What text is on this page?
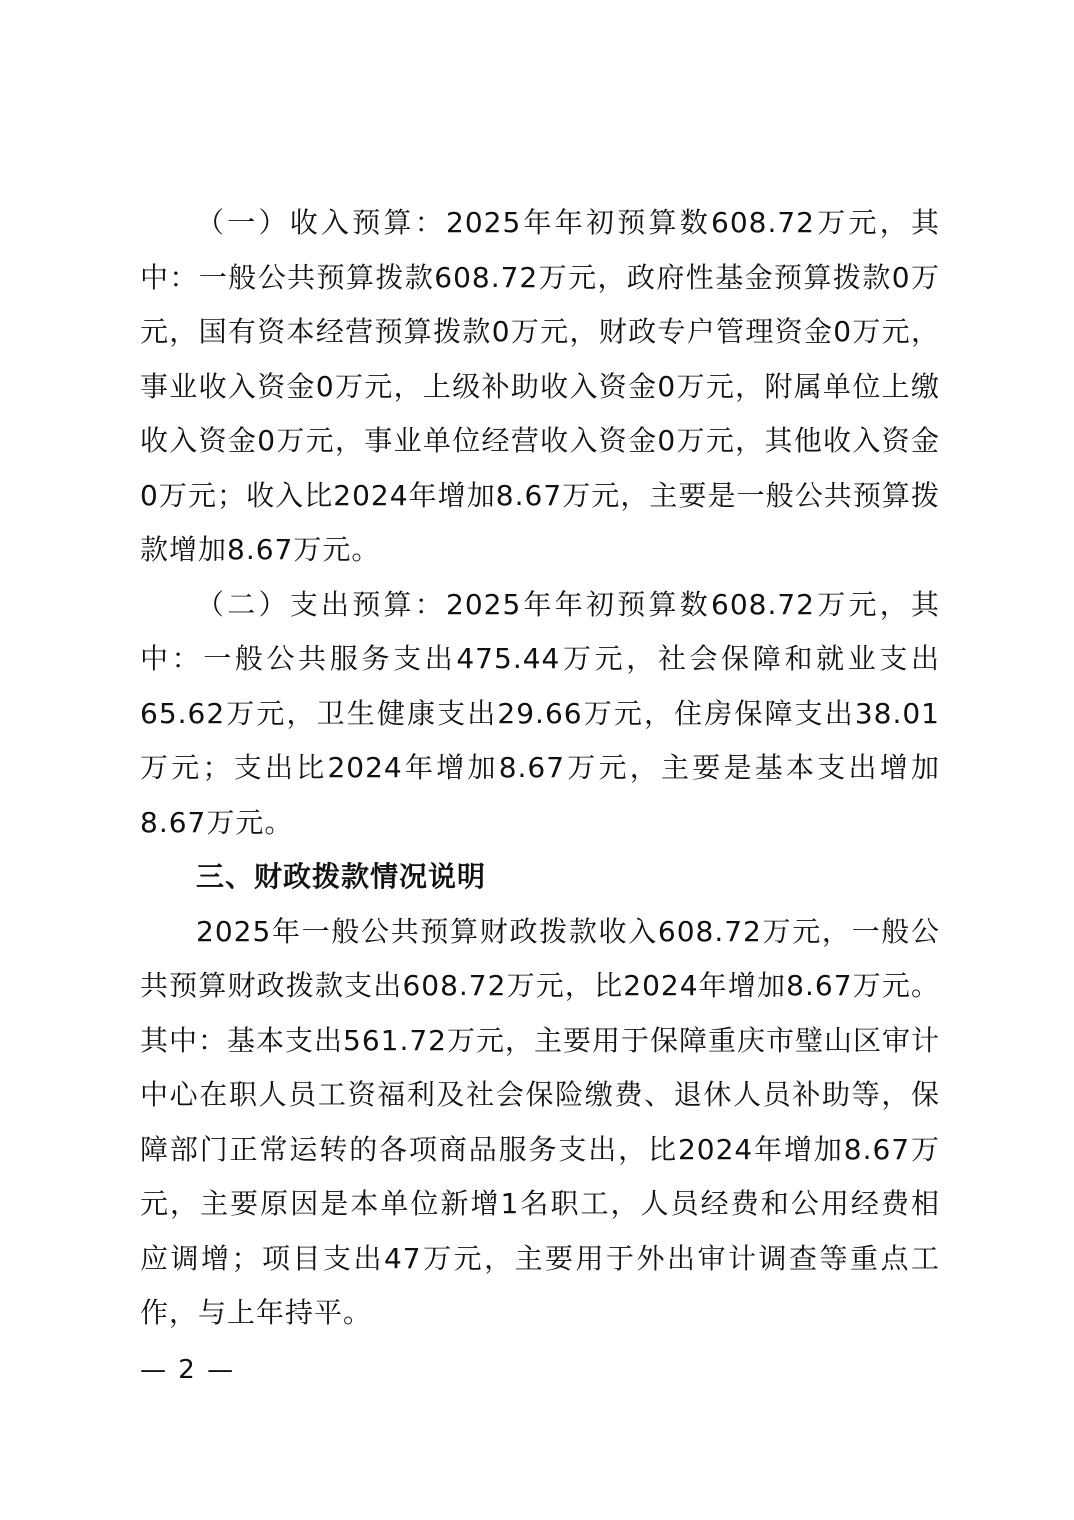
（一）收入预算：2025年年初预算数608.72万元，其中：一般公共预算拨款608.72万元，政府性基金预算拨款0万元，国有资本经营预算拨款0万元，财政专户管理资金0万元，事业收入资金0万元，上级补助收入资金0万元，附属单位上缴收入资金0万元，事业单位经营收入资金0万元，其他收入资金0万元；收入比2024年增加8.67万元，主要是一般公共预算拨款增加8.67万元。

（二）支出预算：2025年年初预算数608.72万元，其中：一般公共服务支出475.44万元，社会保障和就业支出65.62万元，卫生健康支出29.66万元，住房保障支出38.01万元；支出比2024年增加8.67万元，主要是基本支出增加8.67万元。

三、财政拨款情况说明

2025年一般公共预算财政拨款收入608.72万元，一般公共预算财政拨款支出608.72万元，比2024年增加8.67万元。其中：基本支出561.72万元，主要用于保障重庆市璧山区审计中心在职人员工资福利及社会保险缴费、退休人员补助等，保障部门正常运转的各项商品服务支出，比2024年增加8.67万元，主要原因是本单位新增1名职工，人员经费和公用经费相应调增；项目支出47万元，主要用于外出审计调查等重点工作，与上年持平。

— 2 —
